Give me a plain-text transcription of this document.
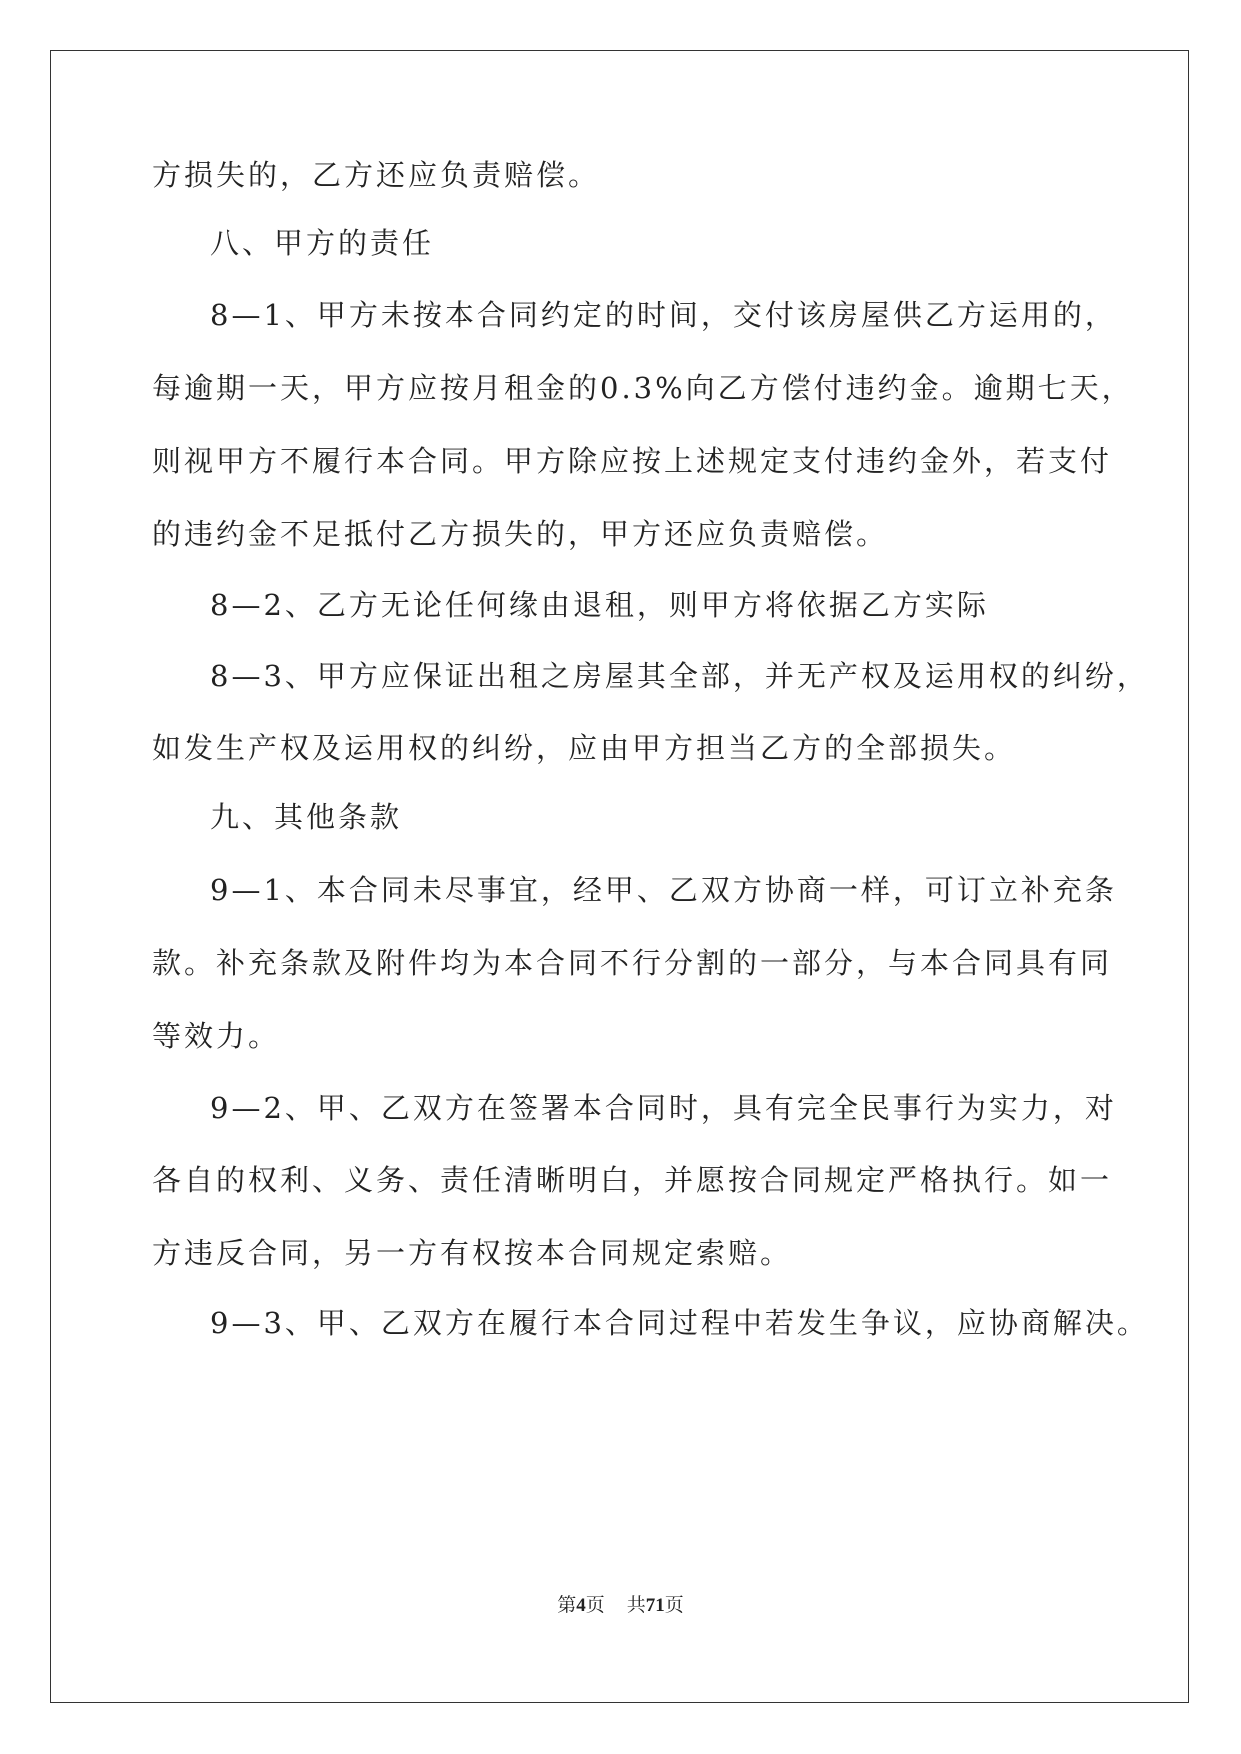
方损失的，乙方还应负责赔偿。
八、甲方的责任
8—1、甲方未按本合同约定的时间，交付该房屋供乙方运用的，
每逾期一天，甲方应按月租金的0.3%向乙方偿付违约金。逾期七天，
则视甲方不履行本合同。甲方除应按上述规定支付违约金外，若支付
的违约金不足抵付乙方损失的，甲方还应负责赔偿。
8—2、乙方无论任何缘由退租，则甲方将依据乙方实际
8—3、甲方应保证出租之房屋其全部，并无产权及运用权的纠纷，
如发生产权及运用权的纠纷，应由甲方担当乙方的全部损失。
九、其他条款
9—1、本合同未尽事宜，经甲、乙双方协商一样，可订立补充条
款。补充条款及附件均为本合同不行分割的一部分，与本合同具有同
等效力。
9—2、甲、乙双方在签署本合同时，具有完全民事行为实力，对
各自的权利、义务、责任清晰明白，并愿按合同规定严格执行。如一
方违反合同，另一方有权按本合同规定索赔。
9—3、甲、乙双方在履行本合同过程中若发生争议，应协商解决。
第4页 共71页
